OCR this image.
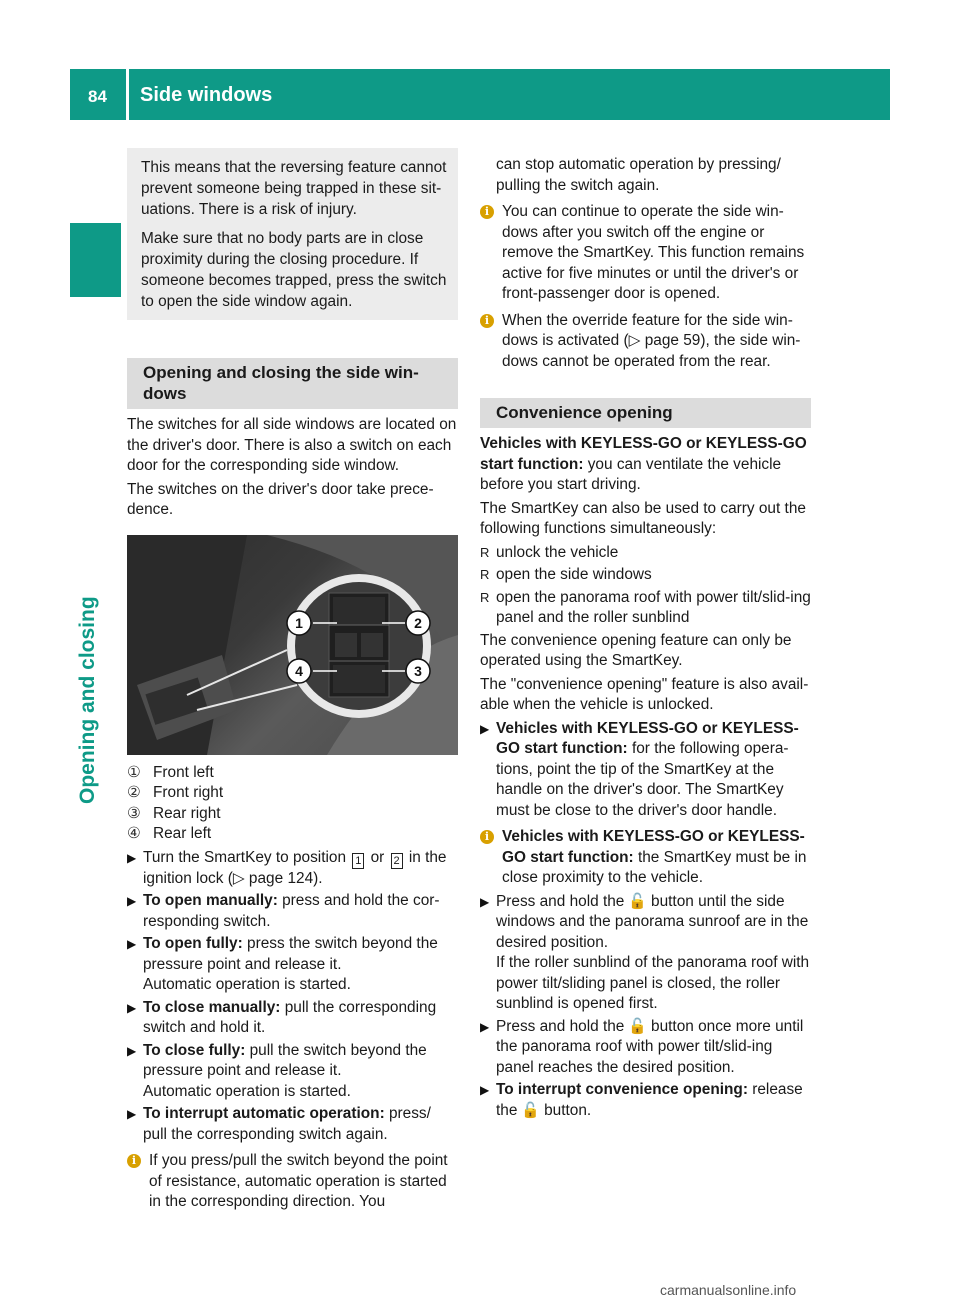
84 Side windows
Opening and closing

This means that the reversing feature cannot prevent someone being trapped in these sit-uations. There is a risk of injury.

Make sure that no body parts are in close proximity during the closing procedure. If someone becomes trapped, press the switch to open the side window again.

Opening and closing the side win-dows

The switches for all side windows are located on the driver's door. There is also a switch on each door for the corresponding side window.

The switches on the driver's door take prece-dence.

1	2
3
4
① Front left
② Front right
③ Rear right
④ Rear left
▶ Turn the SmartKey to position 1 or 2 in the ignition lock (▷ page 124).
▶ To open manually: press and hold the cor-responding switch.
▶ To open fully: press the switch beyond the pressure point and release it.
Automatic operation is started.
▶ To close manually: pull the corresponding switch and hold it.
▶ To close fully: pull the switch beyond the pressure point and release it.
Automatic operation is started.
▶ To interrupt automatic operation: press/ pull the corresponding switch again.
i If you press/pull the switch beyond the point of resistance, automatic operation is started in the corresponding direction. You

can stop automatic operation by pressing/ pulling the switch again.

i You can continue to operate the side win-dows after you switch off the engine or remove the SmartKey. This function remains active for five minutes or until the driver's or front-passenger door is opened.
i When the override feature for the side win-dows is activated (▷ page 59), the side win-dows cannot be operated from the rear.
Convenience opening

Vehicles with KEYLESS-GO or KEYLESS-GO start function: you can ventilate the vehicle before you start driving.

The SmartKey can also be used to carry out the following functions simultaneously:

R unlock the vehicle
R open the side windows
R open the panorama roof with power tilt/slid-ing panel and the roller sunblind

The convenience opening feature can only be operated using the SmartKey.

The "convenience opening" feature is also avail-able when the vehicle is unlocked.

▶ Vehicles with KEYLESS-GO or KEYLESS-GO start function: for the following opera-tions, point the tip of the SmartKey at the handle on the driver's door. The SmartKey must be close to the driver's door handle.
i Vehicles with KEYLESS-GO or KEYLESS-GO start function: the SmartKey must be in close proximity to the vehicle.
▶ Press and hold the 🔓 button until the side windows and the panorama sunroof are in the desired position.
If the roller sunblind of the panorama roof with power tilt/sliding panel is closed, the roller sunblind is opened first.
▶ Press and hold the 🔓 button once more until the panorama roof with power tilt/slid-ing panel reaches the desired position.
▶ To interrupt convenience opening: release the 🔓 button.
carmanualsonline.info
